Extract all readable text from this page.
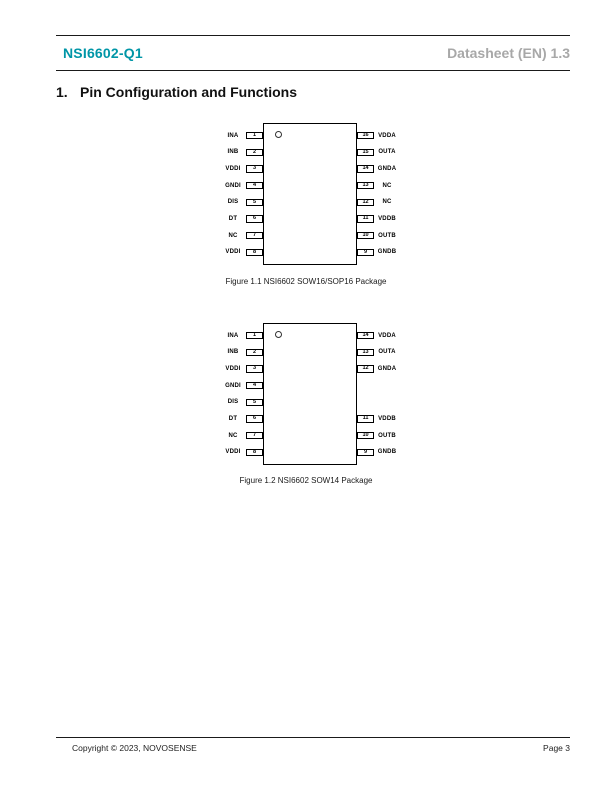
NSI6602-Q1	Datasheet (EN) 1.3
1. Pin Configuration and Functions
1
INA
2
INB
3
VDDI
4
GNDI
5
DIS
6
DT
7
NC
8
VDDI
16	VDDA
15	OUTA
14	GNDA
13	NC
12	NC
11	VDDB
10	OUTB
9	GNDB
Figure 1.1 NSI6602 SOW16/SOP16 Package
1
INA
2
INB
3
VDDI
4
GNDI
5
DIS
6
DT
7
NC
8
VDDI
14	VDDA
13	OUTA
12	GNDA
11	VDDB
10	OUTB
9	GNDB
Figure 1.2 NSI6602 SOW14 Package
Copyright © 2023, NOVOSENSE	Page 3
